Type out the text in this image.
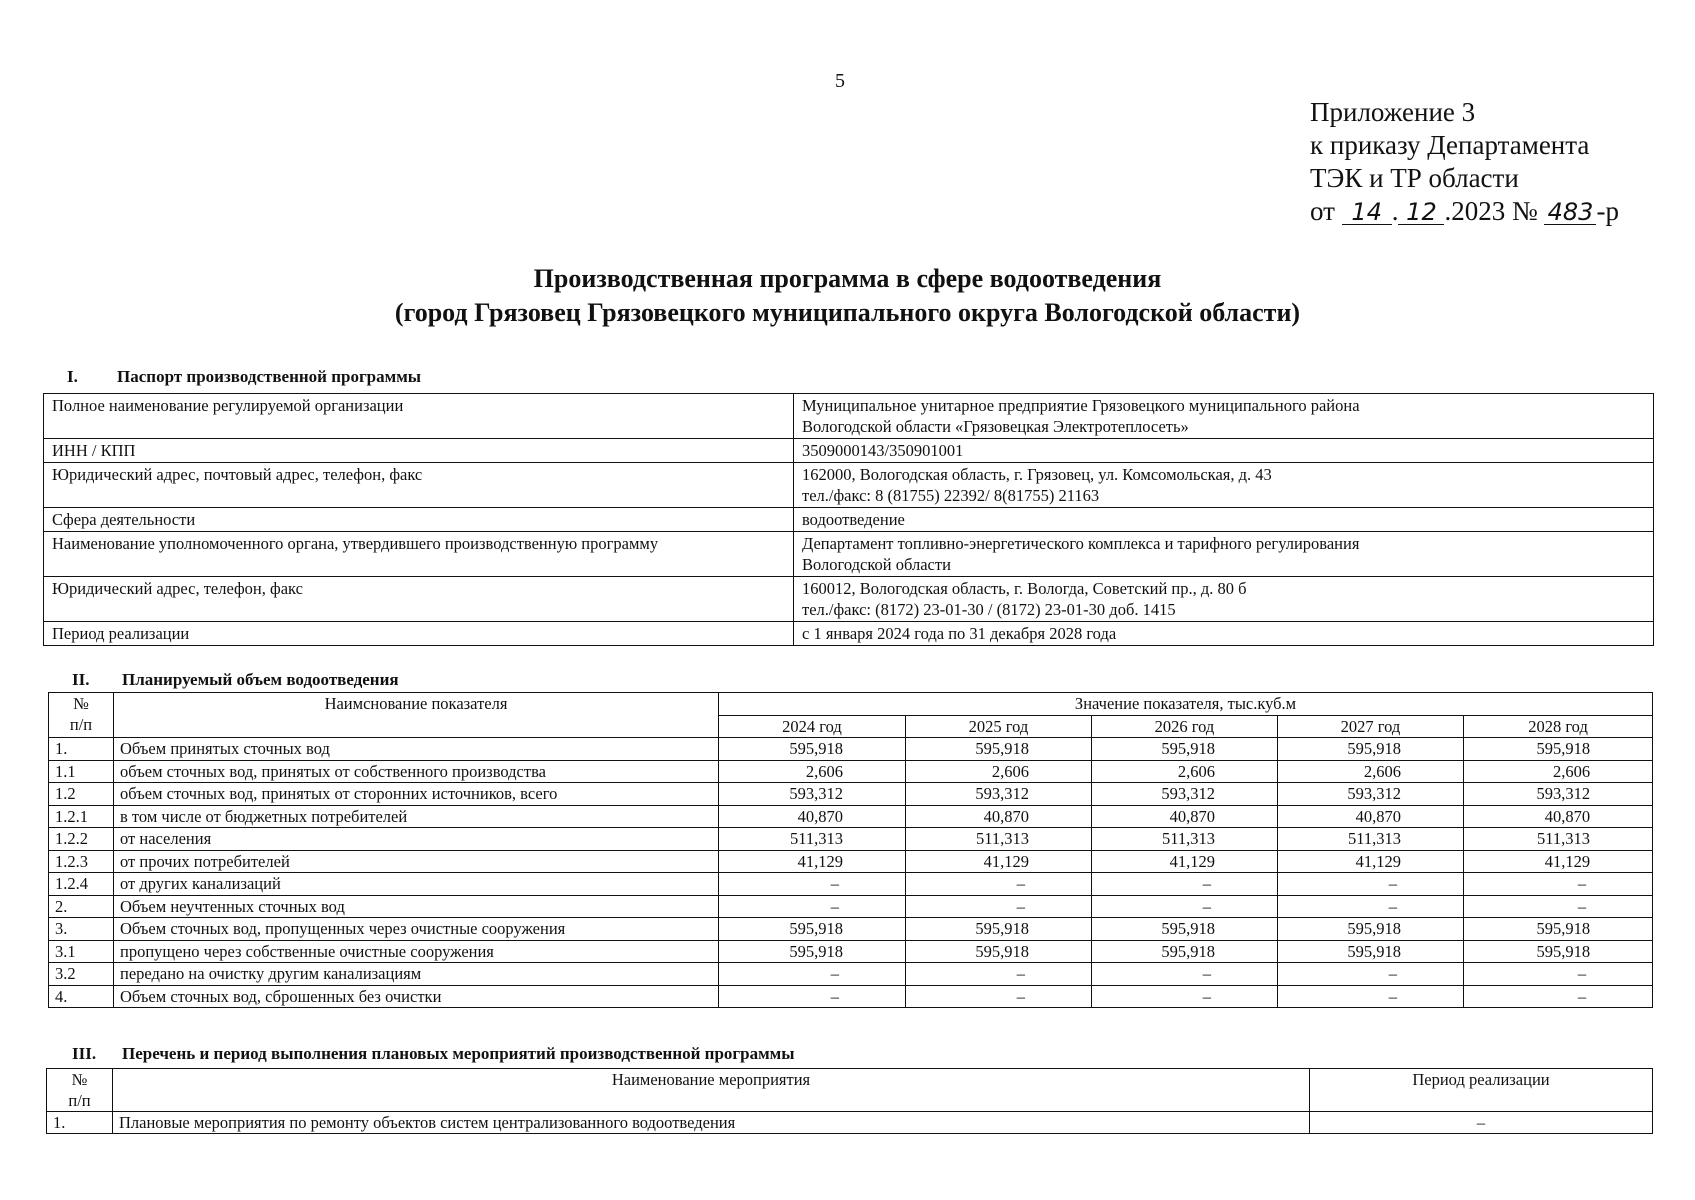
5
Приложение 3
к приказу Департамента
ТЭК и ТР области
от 14 . 12 .2023 № 483 -р
Производственная программа в сфере водоотведения
(город Грязовец Грязовецкого муниципального округа Вологодской области)
I. Паспорт производственной программы
Полное наименование регулируемой организации	Муниципальное унитарное предприятие Грязовецкого муниципального района
Вологодской области «Грязовецкая Электротеплосеть»

ИНН / КПП	3509000143/350901001

Юридический адрес, почтовый адрес, телефон, факс	162000, Вологодская область, г. Грязовец, ул. Комсомольская, д. 43
тел./факс: 8 (81755) 22392/ 8(81755) 21163

Сфера деятельности	водоотведение

Наименование уполномоченного органа, утвердившего производственную программу	Департамент топливно-энергетического комплекса и тарифного регулирования
Вологодской области

Юридический адрес, телефон, факс	160012, Вологодская область, г. Вологда, Советский пр., д. 80 б
тел./факс: (8172) 23-01-30 / (8172) 23-01-30 доб. 1415

Период реализации	с 1 января 2024 года по 31 декабря 2028 года
II. Планируемый объем водоотведения
№
п/п	Наимснование показателя	Значение показателя, тыс.куб.м				
		2024 год	2025 год	2026 год	2027 год	2028 год
1.	Объем принятых сточных вод	595,918	595,918	595,918	595,918	595,918
1.1	объем сточных вод, принятых от собственного производства	2,606	2,606	2,606	2,606	2,606
1.2	объем сточных вод, принятых от сторонних источников, всего	593,312	593,312	593,312	593,312	593,312
1.2.1	в том числе от бюджетных потребителей	40,870	40,870	40,870	40,870	40,870
1.2.2	от населения	511,313	511,313	511,313	511,313	511,313
1.2.3	от прочих потребителей	41,129	41,129	41,129	41,129	41,129
1.2.4	от других канализаций	–	–	–	–	–
2.	Объем неучтенных сточных вод	–	–	–	–	–
3.	Объем сточных вод, пропущенных через очистные сооружения	595,918	595,918	595,918	595,918	595,918
3.1	пропущено через собственные очистные сооружения	595,918	595,918	595,918	595,918	595,918
3.2	передано на очистку другим канализациям	–	–	–	–	–
4.	Объем сточных вод, сброшенных без очистки	–	–	–	–	–
III. Перечень и период выполнения плановых мероприятий производственной программы
№
п/п	Наименование мероприятия	Период реализации
1.	Плановые мероприятия по ремонту объектов систем централизованного водоотведения	–
